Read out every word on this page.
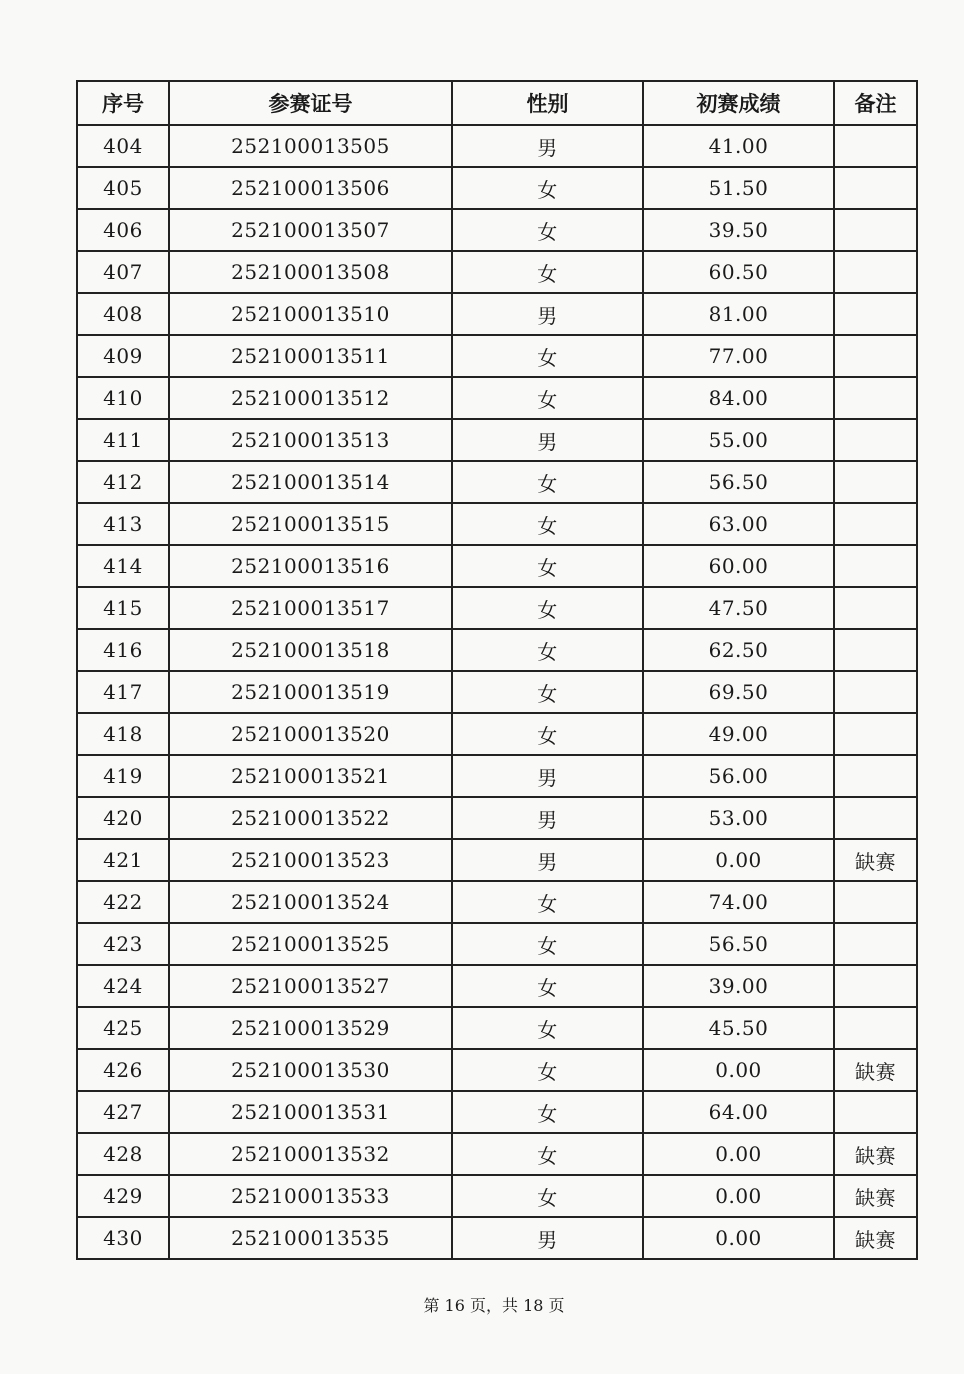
序号	参赛证号	性别	初赛成绩	备注
404	252100013505	男	41.00	
405	252100013506	女	51.50	
406	252100013507	女	39.50	
407	252100013508	女	60.50	
408	252100013510	男	81.00	
409	252100013511	女	77.00	
410	252100013512	女	84.00	
411	252100013513	男	55.00	
412	252100013514	女	56.50	
413	252100013515	女	63.00	
414	252100013516	女	60.00	
415	252100013517	女	47.50	
416	252100013518	女	62.50	
417	252100013519	女	69.50	
418	252100013520	女	49.00	
419	252100013521	男	56.00	
420	252100013522	男	53.00	
421	252100013523	男	0.00	缺赛
422	252100013524	女	74.00	
423	252100013525	女	56.50	
424	252100013527	女	39.00	
425	252100013529	女	45.50	
426	252100013530	女	0.00	缺赛
427	252100013531	女	64.00	
428	252100013532	女	0.00	缺赛
429	252100013533	女	0.00	缺赛
430	252100013535	男	0.00	缺赛
第 16 页，共 18 页
